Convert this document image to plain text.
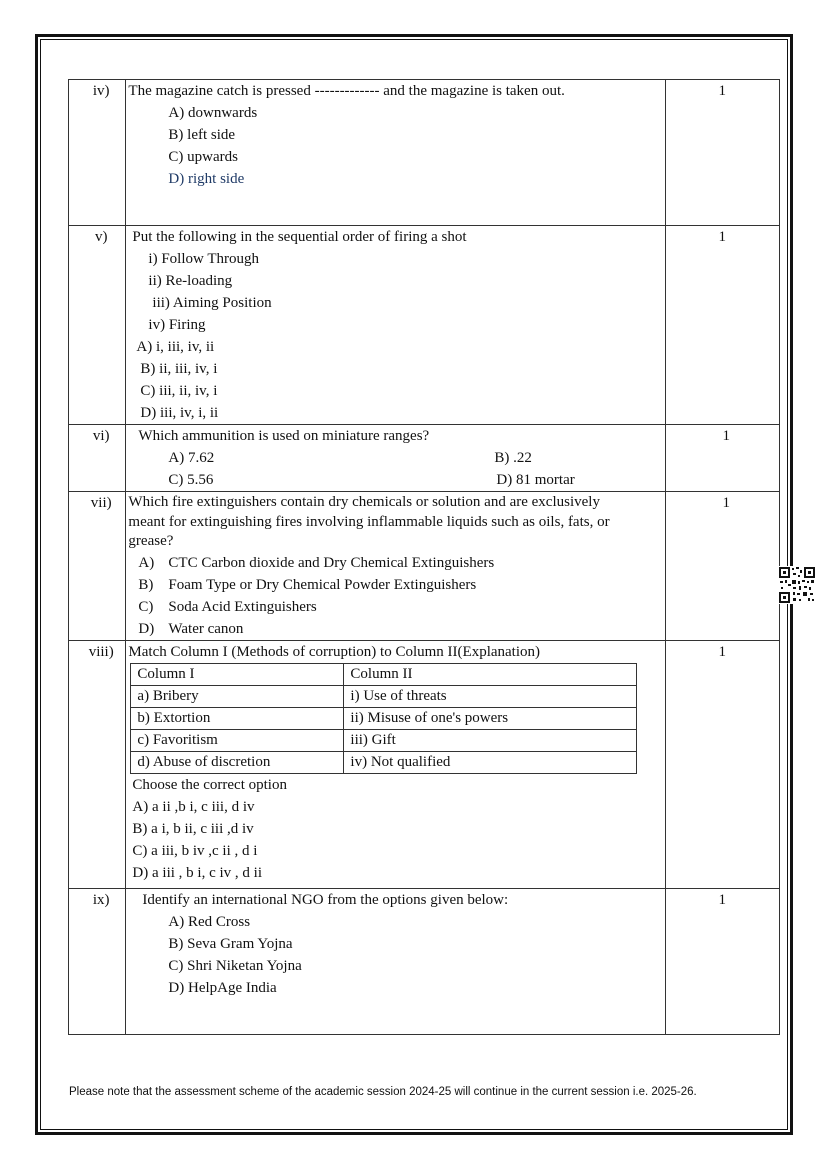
iv)	The magazine catch is pressed ------------- and the magazine is taken out.
A) downwards
B) left side
C) upwards
D) right side
	1
v)	Put the following in the sequential order of firing a shot
i) Follow Through
ii) Re-loading
iii) Aiming Position
iv) Firing
A) i, iii, iv, ii
B) ii, iii, iv, i
C) iii, ii, iv, i
D) iii, iv, i, ii
	1
vi)	Which ammunition is used on miniature ranges?
A) 7.62	B) .22
C) 5.56	D) 81 mortar
	1
vii)	Which fire extinguishers contain dry chemicals or solution and are exclusively
meant for extinguishing fires involving inflammable liquids such as oils, fats, or
grease?
A) CTC Carbon dioxide and Dry Chemical Extinguishers
B)	Foam Type or Dry Chemical Powder Extinguishers
C)	Soda Acid Extinguishers
D) Water canon
	1
viii)	Match Column I (Methods of corruption) to Column II(Explanation)
Column I	Column II
a) Bribery	i) Use of threats
b) Extortion	ii) Misuse of one's powers
c) Favoritism	iii) Gift
d) Abuse of discretion	iv) Not qualified
Choose the correct option
A) a ii ,b i, c iii, d iv
B) a i, b ii, c iii ,d iv
C) a iii, b iv ,c ii , d i
D) a iii , b i, c iv , d ii
	1
ix)	Identify an international NGO from the options given below:
A) Red Cross
B) Seva Gram Yojna
C) Shri Niketan Yojna
D) HelpAge India
	1
Please note that the assessment scheme of the academic session 2024-25 will continue in the current session i.e. 2025-26.
